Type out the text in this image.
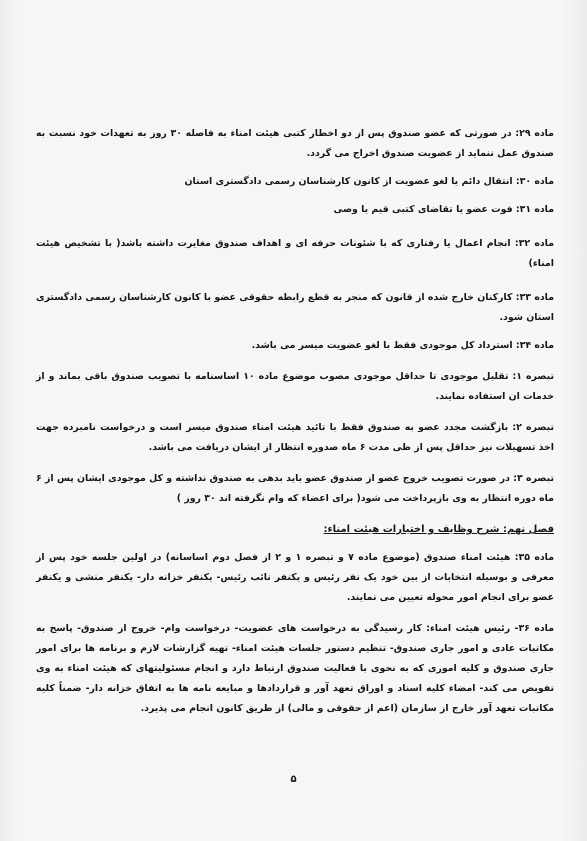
ماده ۲۹: در صورتی که عضو صندوق پس از دو اخطار کتبی هیئت امناء به فاصله ۳۰ روز به تعهدات خود نسبت به صندوق عمل ننماید از عضویت صندوق اخراج می گردد.

ماده ۳۰: انتقال دائم یا لغو عضویت از کانون کارشناسان رسمی دادگستری استان

ماده ۳۱: فوت عضو یا تقاضای کتبی قیم یا وصی

ماده ۳۲: انجام اعمال یا رفتاری که با شئونات حرفه ای و اهداف صندوق مغایرت داشته باشد( با تشخیص هیئت امناء)

ماده ۳۳: کارکنان خارج شده از قانون که منجر به قطع رابطه حقوقی عضو با کانون کارشناسان رسمی دادگستری استان شود.

ماده ۳۴: استرداد کل موجودی فقط با لغو عضویت میسر می باشد.

تبصره ۱: تقلیل موجودی تا حداقل موجودی مصوب موضوع ماده ۱۰ اساسنامه با تصویب صندوق باقی بماند و از خدمات ان استفاده نمایند.

تبصره ۲: بازگشت مجدد عضو به صندوق فقط با تائید هیئت امناء صندوق میسر است و درخواست نامبرده جهت اخذ تسهیلات نیز حداقل پس از طی مدت ۶ ماه صدوره انتظار از ایشان دریافت می باشد.

تبصره ۳: در صورت تصویب خروج عضو از صندوق عضو باید بدهی به صندوق نداشته و کل موجودی ایشان پس از ۶ ماه دوره انتظار به وی بازپرداخت می شود( برای اعضاء که وام نگرفته اند ۳۰ روز )

فصل نهم: شرح وظایف و اختیارات هیئت امناء:

ماده ۳۵: هیئت امناء صندوق (موضوع ماده ۷ و تبصره ۱ و ۲ از فصل دوم اساسانه) در اولین جلسه خود پس از معرفی و بوسیله انتخابات از بین خود یک نفر رئیس و یکنفر نائب رئیس- یکنفر خزانه دار- یکنفر منشی و یکنفر عضو برای انجام امور محوله تعیین می نمایند.

ماده ۳۶- رئیس هیئت امناء: کار رسیدگی به درخواست های عضویت- درخواست وام- خروج از صندوق- پاسخ به مکاتبات عادی و امور جاری صندوق- تنظیم دستور جلسات هیئت امناء- تهیه گزارشات لازم و برنامه ها برای امور جاری صندوق و کلیه اموری که به نحوی با فعالیت صندوق ارتباط دارد و انجام مسئولیتهای که هیئت امناء به وی تفویض می کند- امضاء کلیه اسناد و اوراق تعهد آور و قراردادها و مبایعه نامه ها به اتفاق خزانه دار- ضمناً کلیه مکاتبات تعهد آور خارج از سازمان (اعم از حقوقی و مالی) از طریق کانون انجام می پذیرد.

۵
